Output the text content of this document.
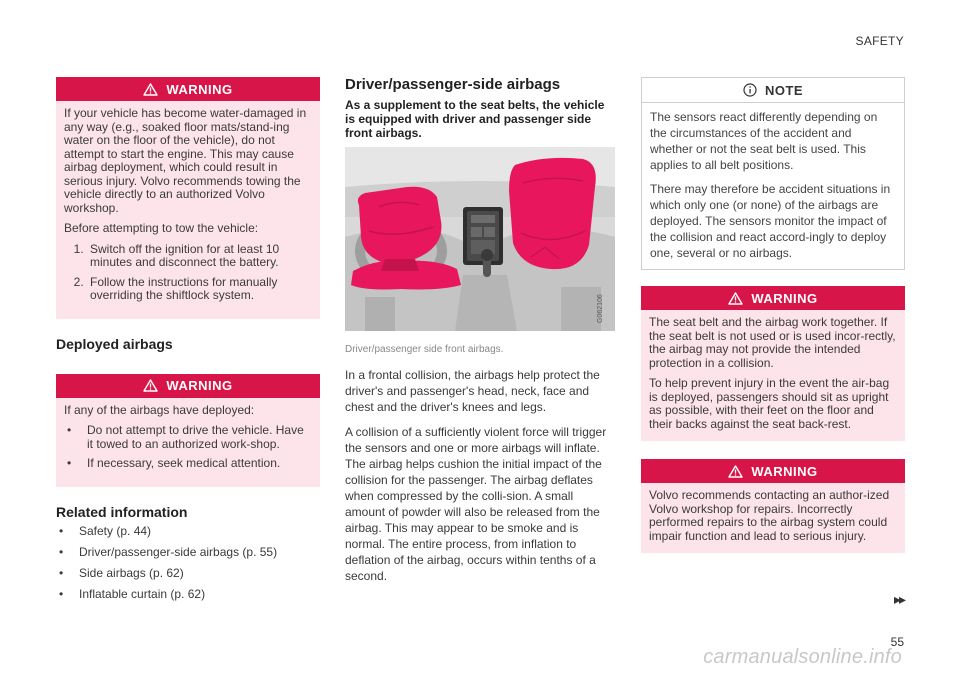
SAFETY
WARNING

If your vehicle has become water-damaged in any way (e.g., soaked floor mats/stand-ing water on the floor of the vehicle), do not attempt to start the engine. This may cause airbag deployment, which could result in serious injury. Volvo recommends towing the vehicle directly to an authorized Volvo workshop.

Before attempting to tow the vehicle:

1. Switch off the ignition for at least 10 minutes and disconnect the battery.
2. Follow the instructions for manually overriding the shiftlock system.
Deployed airbags
WARNING

If any of the airbags have deployed:

• Do not attempt to drive the vehicle. Have it towed to an authorized work-shop.
• If necessary, seek medical attention.
Related information
• Safety (p. 44)
• Driver/passenger-side airbags (p. 55)
• Side airbags (p. 62)
• Inflatable curtain (p. 62)
Driver/passenger-side airbags

As a supplement to the seat belts, the vehicle is equipped with driver and passenger side front airbags.

G062106

Driver/passenger side front airbags.

In a frontal collision, the airbags help protect the driver's and passenger's head, neck, face and chest and the driver's knees and legs.

A collision of a sufficiently violent force will trigger the sensors and one or more airbags will inflate. The airbag helps cushion the initial impact of the collision for the passenger. The airbag deflates when compressed by the colli-sion. A small amount of powder will also be released from the airbag. This may appear to be smoke and is normal. The entire process, from inflation to deflation of the airbag, occurs within tenths of a second.

NOTE

The sensors react differently depending on the circumstances of the accident and whether or not the seat belt is used. This applies to all belt positions.

There may therefore be accident situations in which only one (or none) of the airbags are deployed. The sensors monitor the impact of the collision and react accord-ingly to deploy one, several or no airbags.

WARNING

The seat belt and the airbag work together. If the seat belt is not used or is used incor-rectly, the airbag may not provide the intended protection in a collision.

To help prevent injury in the event the air-bag is deployed, passengers should sit as upright as possible, with their feet on the floor and their backs against the seat back-rest.

WARNING

Volvo recommends contacting an author-ized Volvo workshop for repairs. Incorrectly performed repairs to the airbag system could impair function and lead to serious injury.

▸▸
55
carmanualsonline.info
